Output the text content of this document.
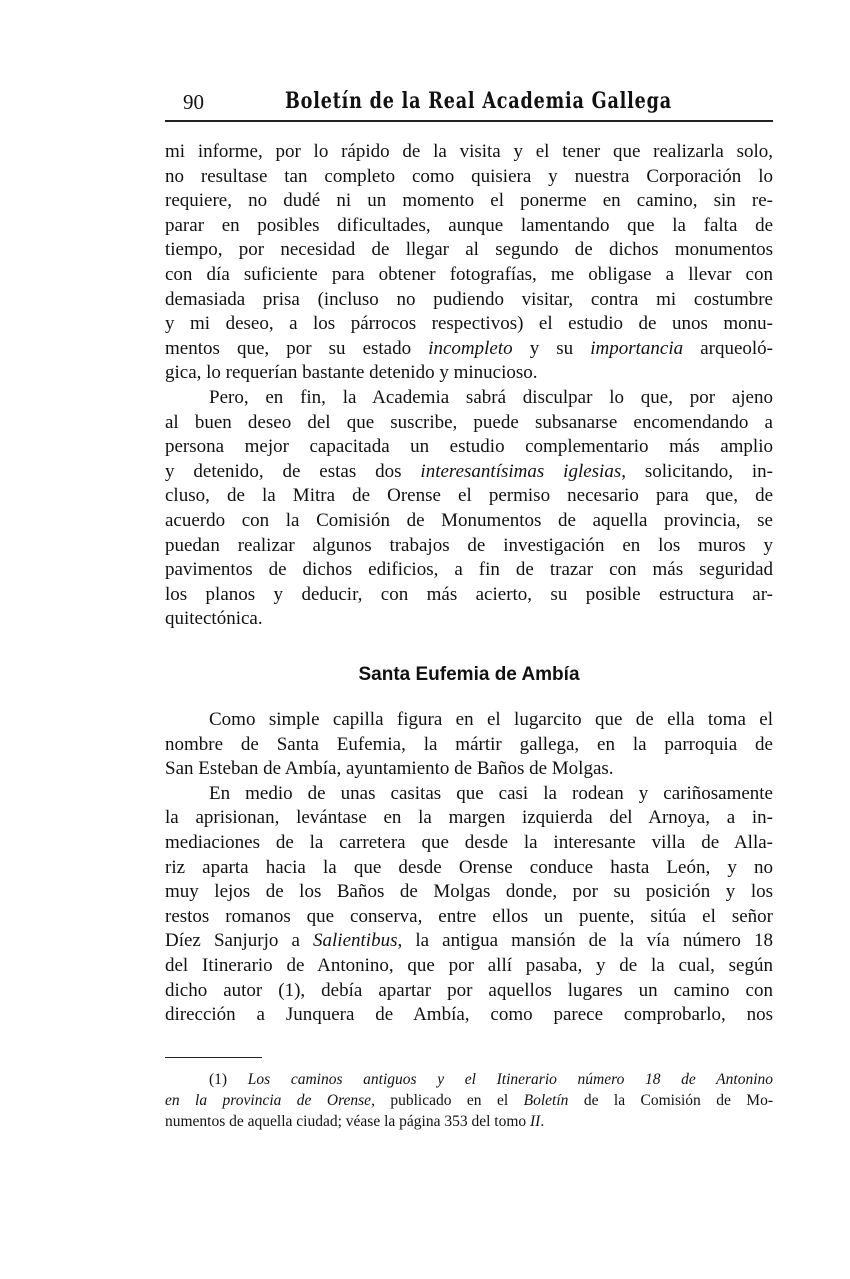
90	Boletín de la Real Academia Gallega
mi informe, por lo rápido de la visita y el tener que realizarla solo,
no resultase tan completo como quisiera y nuestra Corporación lo
requiere, no dudé ni un momento el ponerme en camino, sin re-
parar en posibles dificultades, aunque lamentando que la falta de
tiempo, por necesidad de llegar al segundo de dichos monumentos
con día suficiente para obtener fotografías, me obligase a llevar con
demasiada prisa (incluso no pudiendo visitar, contra mi costumbre
y mi deseo, a los párrocos respectivos) el estudio de unos monu-
mentos que, por su estado incompleto y su importancia arqueoló-
gica, lo requerían bastante detenido y minucioso.
Pero, en fin, la Academia sabrá disculpar lo que, por ajeno
al buen deseo del que suscribe, puede subsanarse encomendando a
persona mejor capacitada un estudio complementario más amplio
y detenido, de estas dos interesantísimas iglesias, solicitando, in-
cluso, de la Mitra de Orense el permiso necesario para que, de
acuerdo con la Comisión de Monumentos de aquella provincia, se
puedan realizar algunos trabajos de investigación en los muros y
pavimentos de dichos edificios, a fin de trazar con más seguridad
los planos y deducir, con más acierto, su posible estructura ar-
quitectónica.
Santa Eufemia de Ambía
Como simple capilla figura en el lugarcito que de ella toma el
nombre de Santa Eufemia, la mártir gallega, en la parroquia de
San Esteban de Ambía, ayuntamiento de Baños de Molgas.
En medio de unas casitas que casi la rodean y cariñosamente
la aprisionan, levántase en la margen izquierda del Arnoya, a in-
mediaciones de la carretera que desde la interesante villa de Alla-
riz aparta hacia la que desde Orense conduce hasta León, y no
muy lejos de los Baños de Molgas donde, por su posición y los
restos romanos que conserva, entre ellos un puente, sitúa el señor
Díez Sanjurjo a Salientibus, la antigua mansión de la vía número 18
del Itinerario de Antonino, que por allí pasaba, y de la cual, según
dicho autor (1), debía apartar por aquellos lugares un camino con
dirección a Junquera de Ambía, como parece comprobarlo, nos
(1) Los caminos antiguos y el Itinerario número 18 de Antonino
en la provincia de Orense, publicado en el Boletín de la Comisión de Mo-
numentos de aquella ciudad; véase la página 353 del tomo II.
